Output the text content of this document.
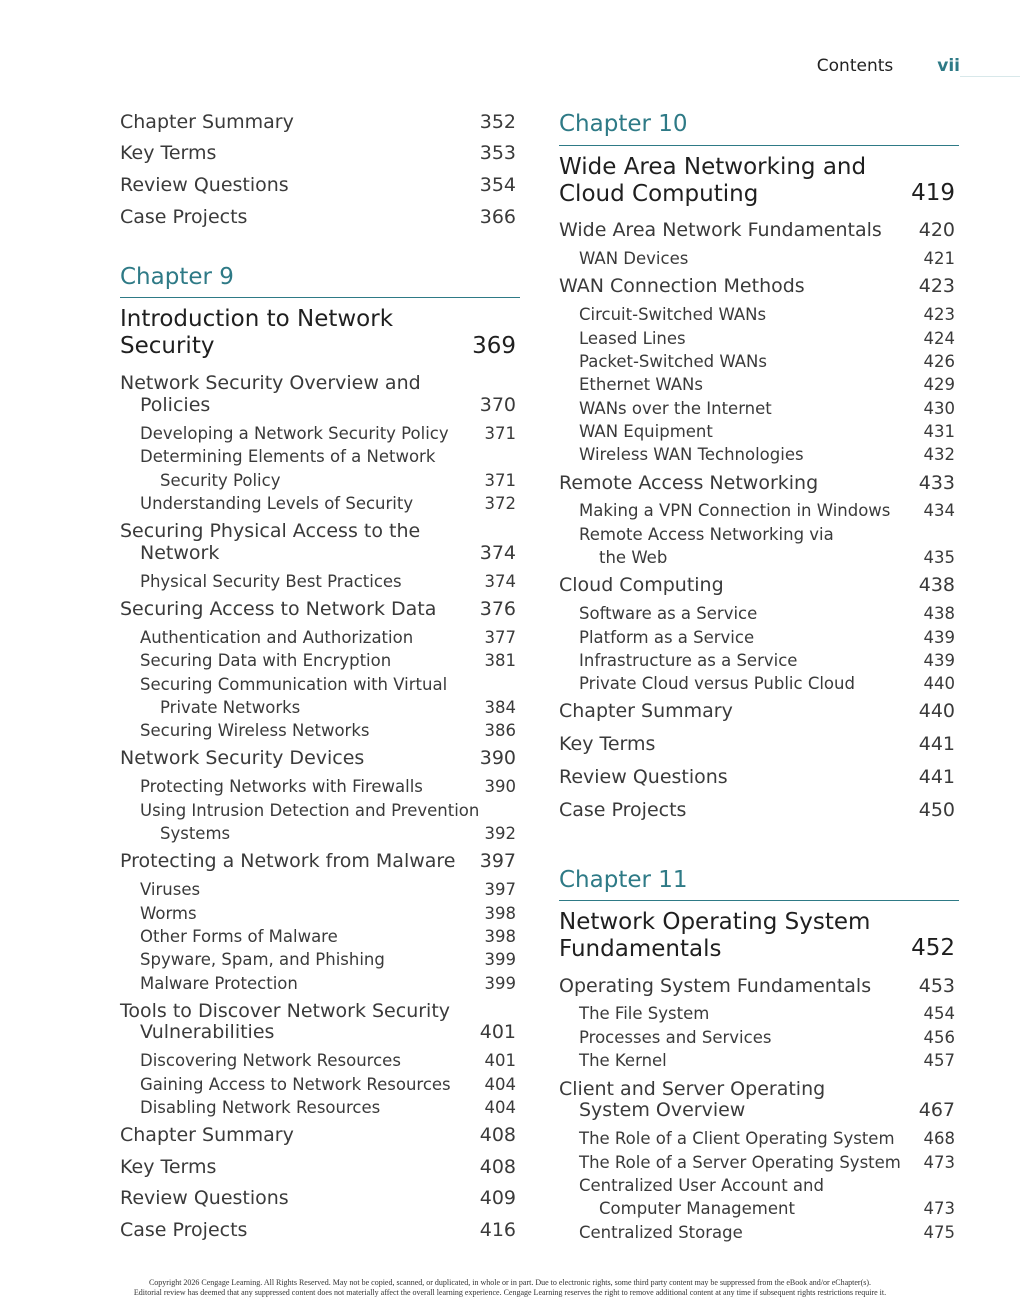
Contents	vii
Chapter Summary	352
Key Terms	353
Review Questions	354
Case Projects	366
Chapter 9
Introduction to Network
Security	369
Network Security Overview and
Policies	370
Developing a Network Security Policy 371
Determining Elements of a Network
Security Policy	371
Understanding Levels of Security	372
Securing Physical Access to the
Network	374
Physical Security Best Practices	374
Securing Access to Network Data 376
Authentication and Authorization	377
Securing Data with Encryption	381
Securing Communication with Virtual
Private Networks	384
Securing Wireless Networks	386
Network Security Devices	390
Protecting Networks with Firewalls	390
Using Intrusion Detection and Prevention
Systems	392
Protecting a Network from Malware 397
Viruses	397
Worms	398
Other Forms of Malware	398
Spyware, Spam, and Phishing	399
Malware Protection	399
Tools to Discover Network Security
Vulnerabilities	401
Discovering Network Resources	401
Gaining Access to Network Resources 404
Disabling Network Resources	404
Chapter Summary	408
Key Terms	408
Review Questions	409
Case Projects	416
Chapter 10
Wide Area Networking and
Cloud Computing	419
Wide Area Network Fundamentals 420
WAN Devices	421
WAN Connection Methods	423
Circuit-Switched WANs	423
Leased Lines	424
Packet-Switched WANs	426
Ethernet WANs	429
WANs over the Internet	430
WAN Equipment	431
Wireless WAN Technologies	432
Remote Access Networking	433
Making a VPN Connection in Windows 434
Remote Access Networking via
the Web	435
Cloud Computing	438
Software as a Service	438
Platform as a Service	439
Infrastructure as a Service	439
Private Cloud versus Public Cloud	440
Chapter Summary	440
Key Terms	441
Review Questions	441
Case Projects	450
Chapter 11
Network Operating System
Fundamentals	452
Operating System Fundamentals	453
The File System	454
Processes and Services	456
The Kernel	457
Client and Server Operating
System Overview	467
The Role of a Client Operating System 468
The Role of a Server Operating System 473
Centralized User Account and
Computer Management	473
Centralized Storage	475
Copyright 2026 Cengage Learning. All Rights Reserved. May not be copied, scanned, or duplicated, in whole or in part. Due to electronic rights, some third party content may be suppressed from the eBook and/or eChapter(s).
Editorial review has deemed that any suppressed content does not materially affect the overall learning experience. Cengage Learning reserves the right to remove additional content at any time if subsequent rights restrictions require it.
